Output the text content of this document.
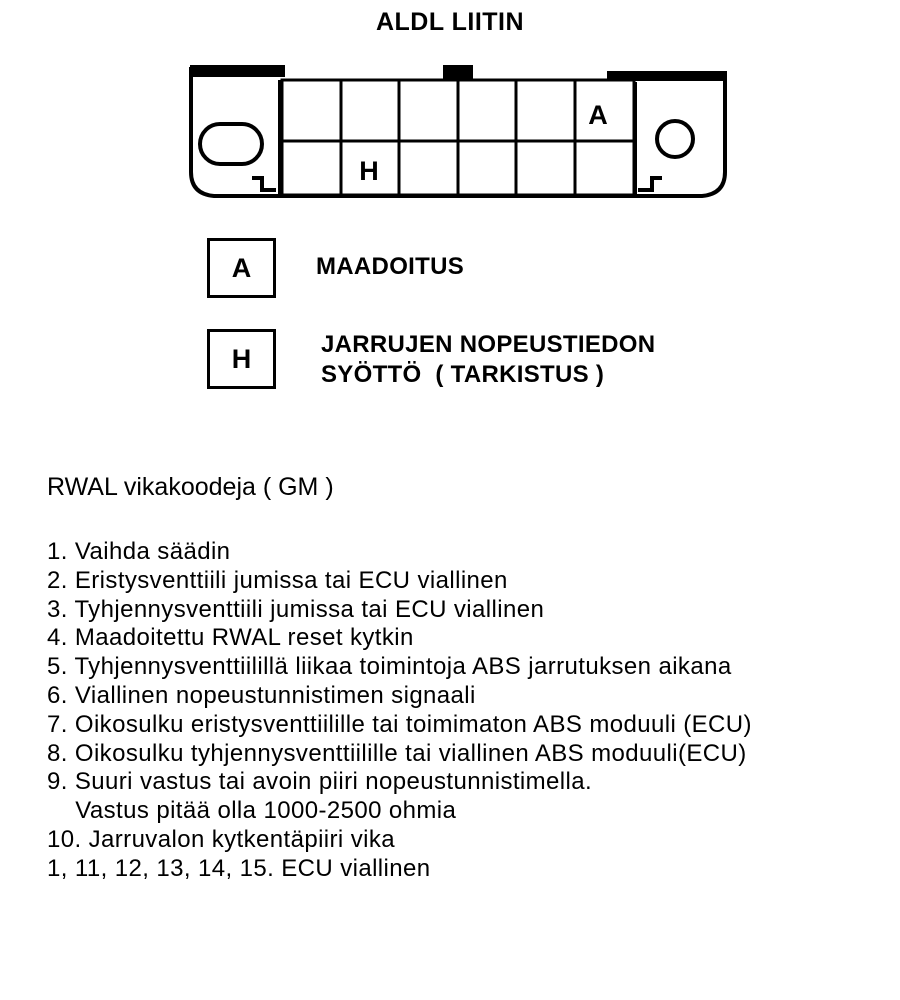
ALDL LIITIN
A
H
A	MAADOITUS
H	JARRUJEN NOPEUSTIEDON
SYÖTTÖ  ( TARKISTUS )
RWAL vikakoodeja ( GM )
1. Vaihda säädin
2. Eristysventtiili jumissa tai ECU viallinen
3. Tyhjennysventtiili jumissa tai ECU viallinen
4. Maadoitettu RWAL reset kytkin
5. Tyhjennysventtiilillä liikaa toimintoja ABS jarrutuksen aikana
6. Viallinen nopeustunnistimen signaali
7. Oikosulku eristysventtiilille tai toimimaton ABS moduuli (ECU)
8. Oikosulku tyhjennysventtiilille tai viallinen ABS moduuli(ECU)
9. Suuri vastus tai avoin piiri nopeustunnistimella.
Vastus pitää olla 1000-2500 ohmia
10. Jarruvalon kytkentäpiiri vika
1, 11, 12, 13, 14, 15. ECU viallinen
